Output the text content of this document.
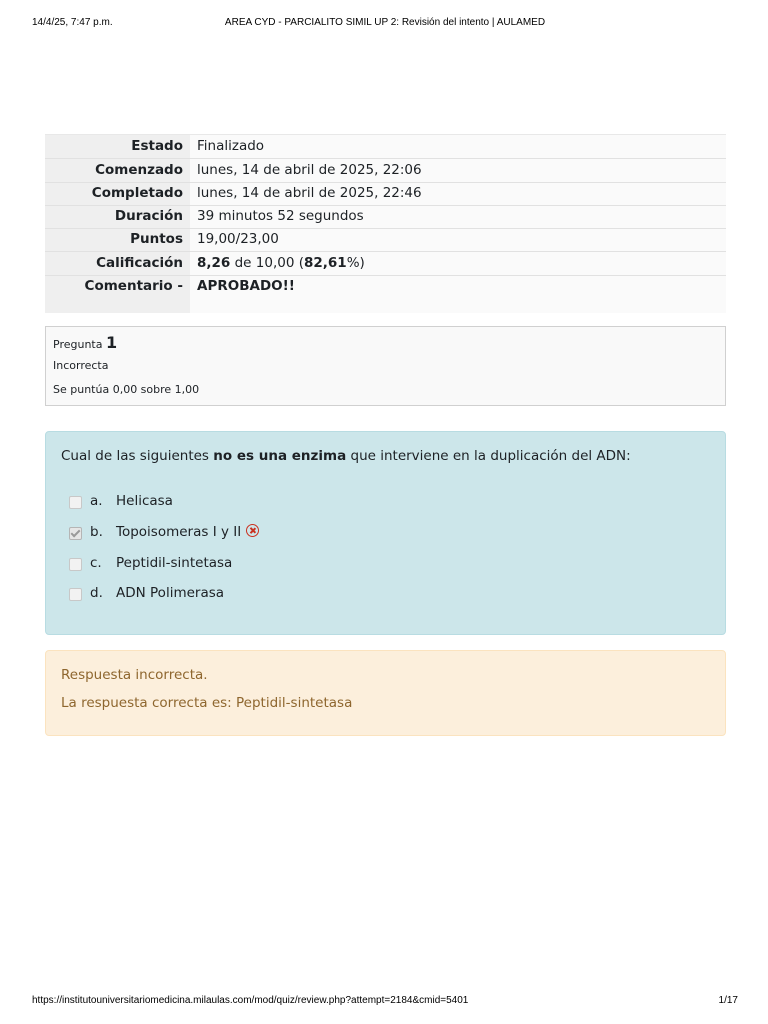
14/4/25, 7:47 p.m.	AREA CYD - PARCIALITO SIMIL UP 2: Revisión del intento | AULAMED
Estado Finalizado
Comenzado lunes, 14 de abril de 2025, 22:06
Completado lunes, 14 de abril de 2025, 22:46
Duración 39 minutos 52 segundos
Puntos 19,00/23,00
Calificación 8,26 de 10,00 (82,61%)
Comentario - APROBADO!!
Pregunta 1
Incorrecta
Se puntúa 0,00 sobre 1,00
Cual de las siguientes no es una enzima que interviene en la duplicación del ADN:
a. Helicasa
b. Topoisomeras I y II
c. Peptidil-sintetasa
d. ADN Polimerasa
Respuesta incorrecta.
La respuesta correcta es: Peptidil-sintetasa
https://institutouniversitariomedicina.milaulas.com/mod/quiz/review.php?attempt=2184&cmid=5401	1/17
